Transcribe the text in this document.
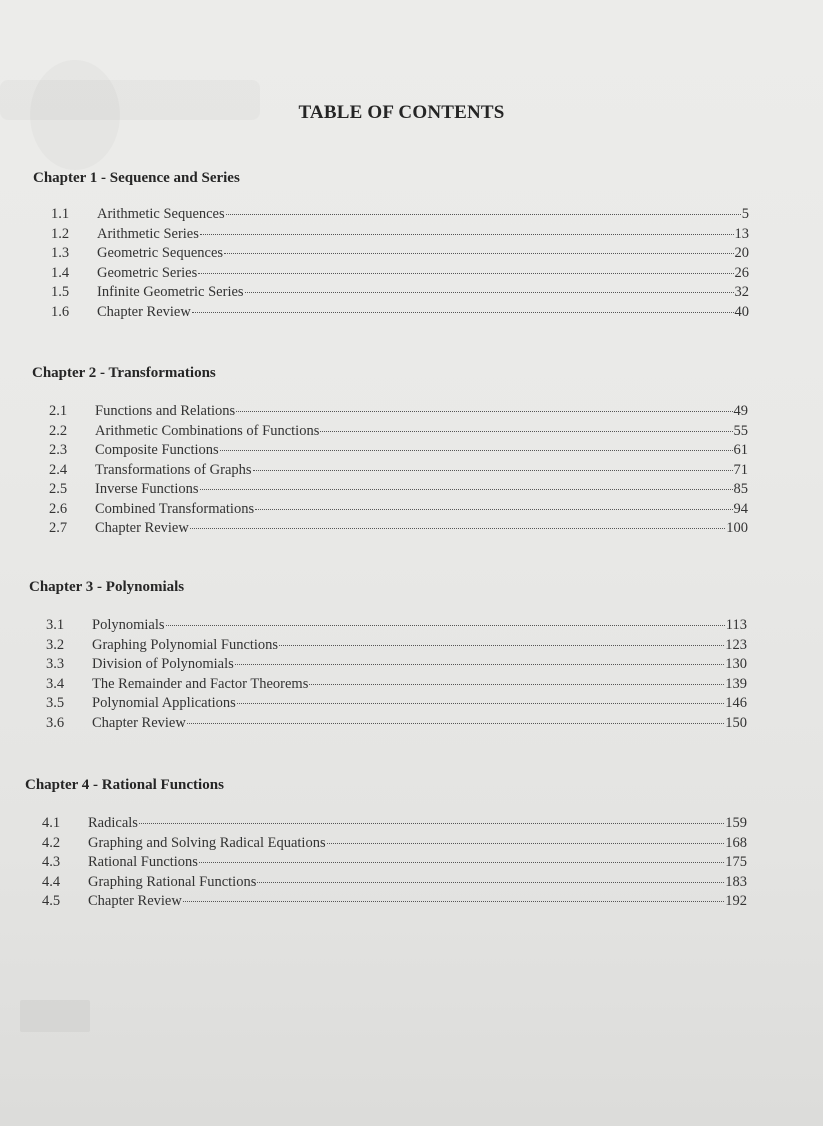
TABLE OF CONTENTS
Chapter 1 - Sequence and Series
1.1	Arithmetic Sequences	5
1.2	Arithmetic Series	13
1.3	Geometric Sequences	20
1.4	Geometric Series	26
1.5	Infinite Geometric Series	32
1.6	Chapter Review	40
Chapter 2 - Transformations
2.1	Functions and Relations	49
2.2	Arithmetic Combinations of Functions	55
2.3	Composite Functions	61
2.4	Transformations of Graphs	71
2.5	Inverse Functions	85
2.6	Combined Transformations	94
2.7	Chapter Review	100
Chapter 3 - Polynomials
3.1	Polynomials	113
3.2	Graphing Polynomial Functions	123
3.3	Division of Polynomials	130
3.4	The Remainder and Factor Theorems	139
3.5	Polynomial Applications	146
3.6	Chapter Review	150
Chapter 4 - Rational Functions
4.1	Radicals	159
4.2	Graphing and Solving Radical Equations	168
4.3	Rational Functions	175
4.4	Graphing Rational Functions	183
4.5	Chapter Review	192
